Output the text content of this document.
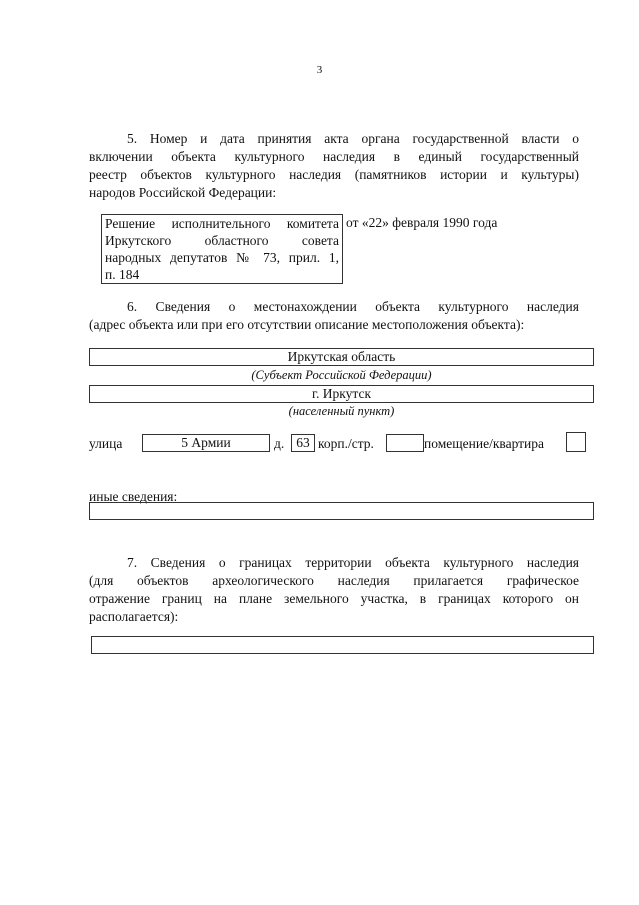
3
5. Номер и дата принятия акта органа государственной власти о
включении объекта культурного наследия в единый государственный
реестр объектов культурного наследия (памятников истории и культуры)
народов Российской Федерации:
Решение исполнительного комитета
Иркутского областного совета
народных депутатов № 73, прил. 1,
п. 184
от «22» февраля 1990 года
6. Сведения о местонахождении объекта культурного наследия
(адрес объекта или при его отсутствии описание местоположения объекта):
Иркутская область
(Субъект Российской Федерации)
г. Иркутск
(населенный пункт)
улица	5 Армии	д. 63 корп./стр.	помещение/квартира
иные сведения:
7. Сведения о границах территории объекта культурного наследия
(для объектов археологического наследия прилагается графическое
отражение границ на плане земельного участка, в границах которого он
располагается):
